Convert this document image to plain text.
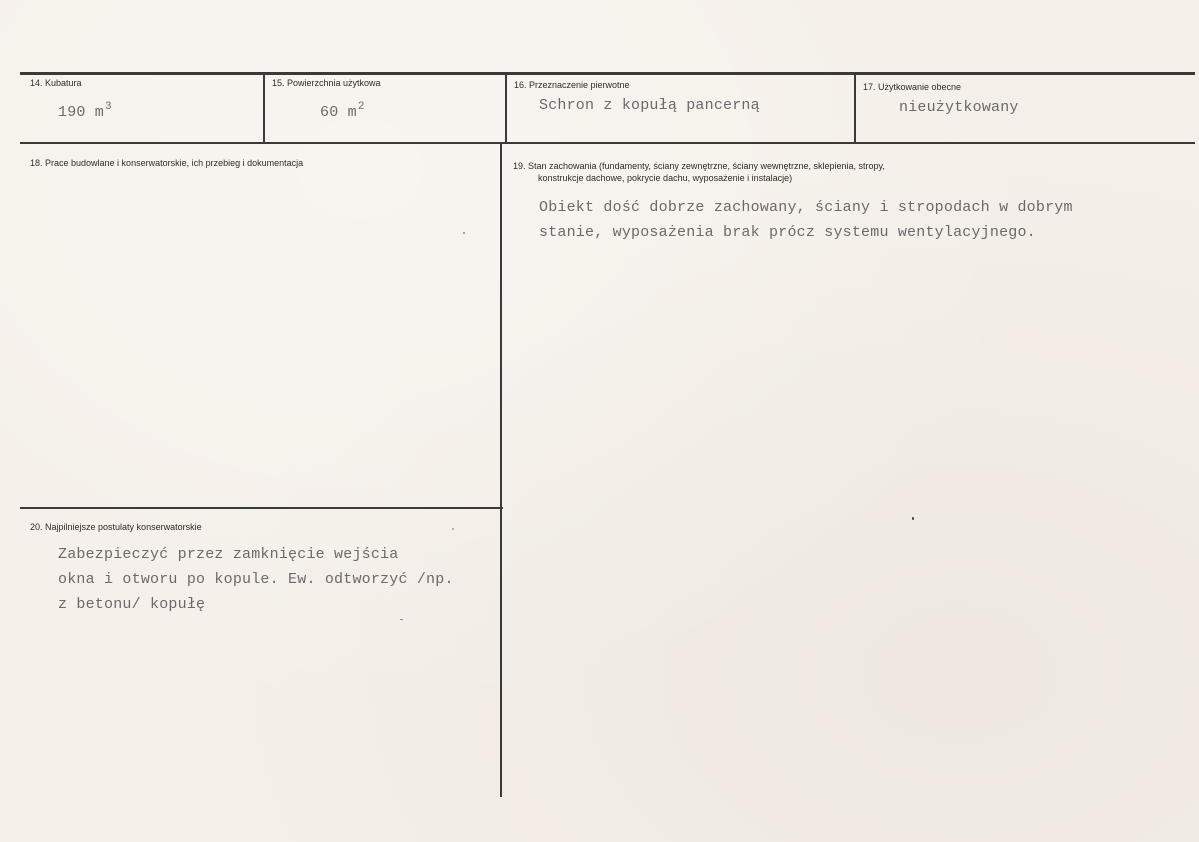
14. Kubatura
190 $m^3$
15. Powierzchnia użytkowa
60 $m^2$
16. Przeznaczenie pierwotne
Schron z kopułą pancerną
17. Użytkowanie obecne
nieużytkowany
18. Prace budowlane i konserwatorskie, ich przebieg i dokumentacja	19. Stan zachowania (fundamenty, ściany zewnętrzne, ściany wewnętrzne, sklepienia, stropy,
konstrukcje dachowe, pokrycie dachu, wyposażenie i instalacje)
Obiekt dość dobrze zachowany, ściany i stropodach w dobrym
stanie, wyposażenia brak prócz systemu wentylacyjnego.
20. Najpilniejsze postulaty konserwatorskie
Zabezpieczyć przez zamknięcie wejścia
okna i otworu po kopule. Ew. odtworzyć /np.
z betonu/ kopułę
